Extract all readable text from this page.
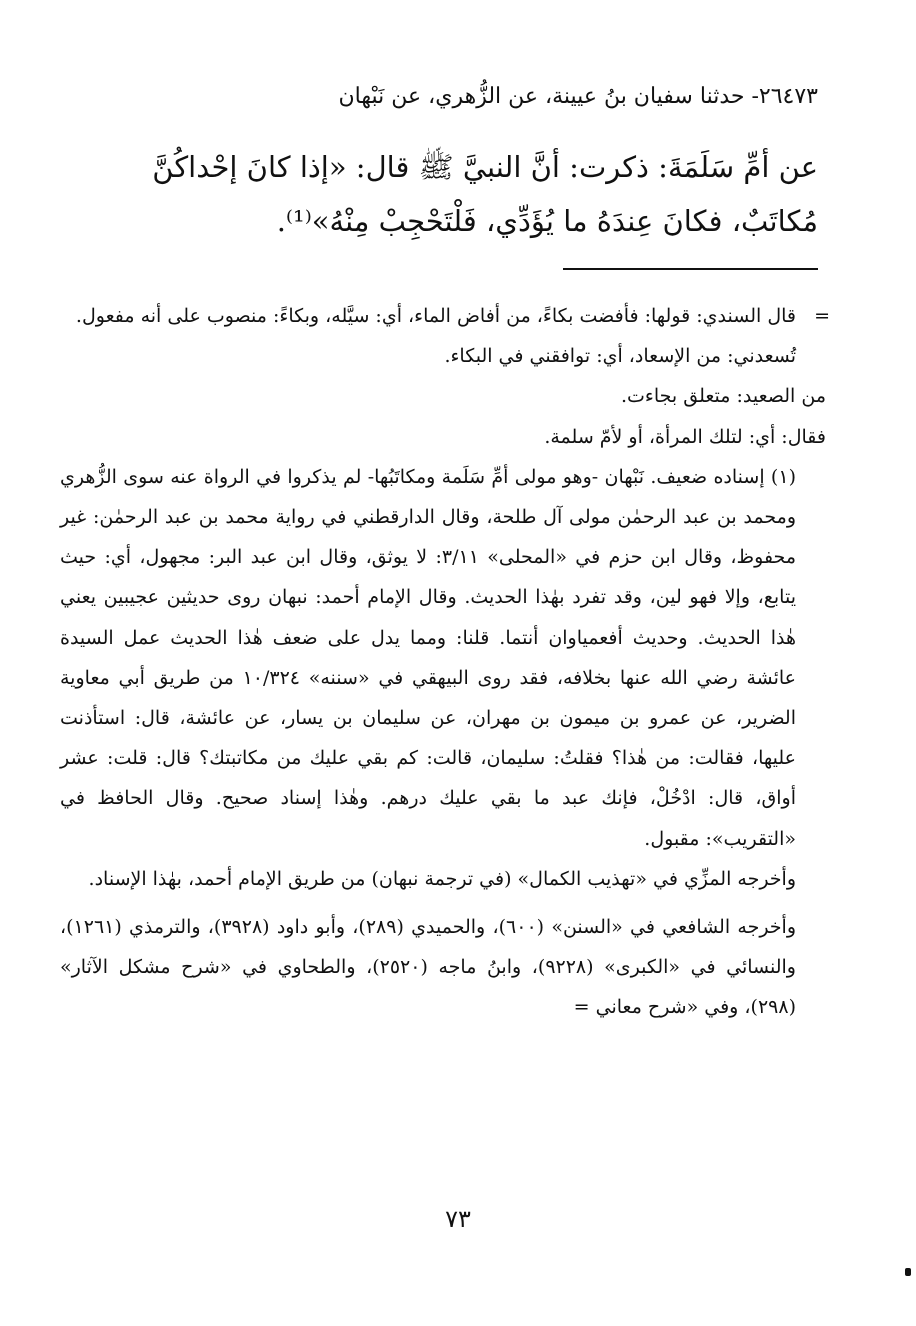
٢٦٤٧٣- حدثنا سفيان بنُ عيينة، عن الزُّهري، عن نَبْهان
عن أمِّ سَلَمَةَ: ذكرت: أنَّ النبيَّ ﷺ قال: «إذا كانَ إحْداكُنَّ
مُكاتَبٌ، فكانَ عِندَهُ ما يُؤَدِّي، فَلْتَحْجِبْ مِنْهُ»⁽¹⁾.

=
قال السندي: قولها: فأفضت بكاءً، من أفاض الماء، أي: سيَّله، وبكاءً: منصوب على أنه مفعول.

تُسعدني: من الإسعاد، أي: توافقني في البكاء.

من الصعيد: متعلق بجاءت.

فقال: أي: لتلك المرأة، أو لأمّ سلمة.

(١) إسناده ضعيف. نَبْهان -وهو مولى أمِّ سَلَمة ومكاتَبُها- لم يذكروا في الرواة عنه سوى الزُّهري ومحمد بن عبد الرحمٰن مولى آل طلحة، وقال الدارقطني في رواية محمد بن عبد الرحمٰن: غير محفوظ، وقال ابن حزم في «المحلى» ٣/١١: لا يوثق، وقال ابن عبد البر: مجهول، أي: حيث يتابع، وإلا فهو لين، وقد تفرد بهٰذا الحديث. وقال الإمام أحمد: نبهان روى حديثين عجيبين يعني هٰذا الحديث. وحديث أفعمياوان أنتما. قلنا: ومما يدل على ضعف هٰذا الحديث عمل السيدة عائشة رضي الله عنها بخلافه، فقد روى البيهقي في «سننه» ١٠/٣٢٤ من طريق أبي معاوية الضرير، عن عمرو بن ميمون بن مهران، عن سليمان بن يسار، عن عائشة، قال: استأذنت عليها، فقالت: من هٰذا؟ فقلتُ: سليمان، قالت: كم بقي عليك من مكاتبتك؟ قال: قلت: عشر أواق، قال: ادْخُلْ، فإنك عبد ما بقي عليك درهم. وهٰذا إسناد صحيح. وقال الحافظ في «التقريب»: مقبول.

وأخرجه المزِّي في «تهذيب الكمال» (في ترجمة نبهان) من طريق الإمام أحمد، بهٰذا الإسناد.

وأخرجه الشافعي في «السنن» (٦٠٠)، والحميدي (٢٨٩)، وأبو داود (٣٩٢٨)، والترمذي (١٢٦١)، والنسائي في «الكبرى» (٩٢٢٨)، وابنُ ماجه (٢٥٢٠)، والطحاوي في «شرح مشكل الآثار» (٢٩٨)، وفي «شرح معاني =

٧٣
